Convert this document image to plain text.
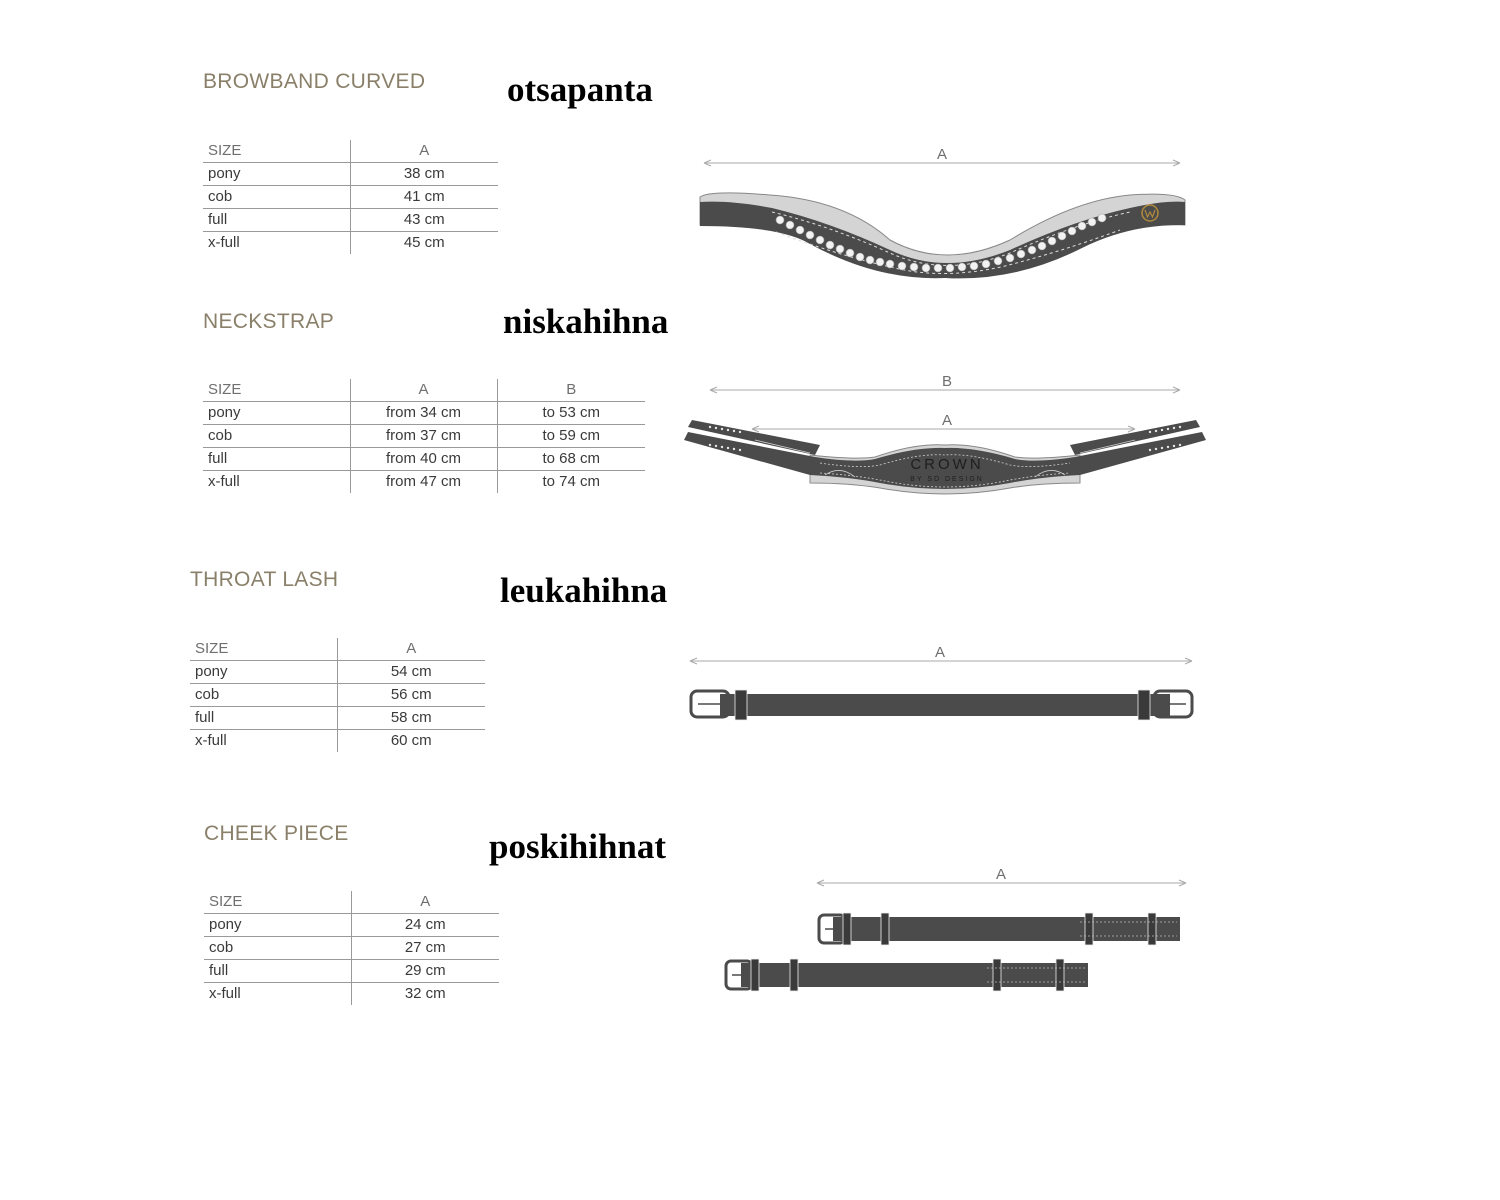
BROWBAND CURVED otsapanta

SIZE	A
pony	38 cm
cob	41 cm
full	43 cm
x-full	45 cm
A
NECKSTRAP	niskahihna

SIZE	A	B
pony	from 34 cm	to 53 cm
cob	from 37 cm	to 59 cm
full	from 40 cm	to 68 cm
x-full	from 47 cm	to 74 cm
B
A
CROWN
BY SD DESIGN
THROAT LASH	leukahihna

SIZE	A
pony	54 cm
cob	56 cm
full	58 cm
x-full	60 cm
A
CHEEK PIECE	poskihihnat

SIZE	A
pony	24 cm
cob	27 cm
full	29 cm
x-full	32 cm
A
